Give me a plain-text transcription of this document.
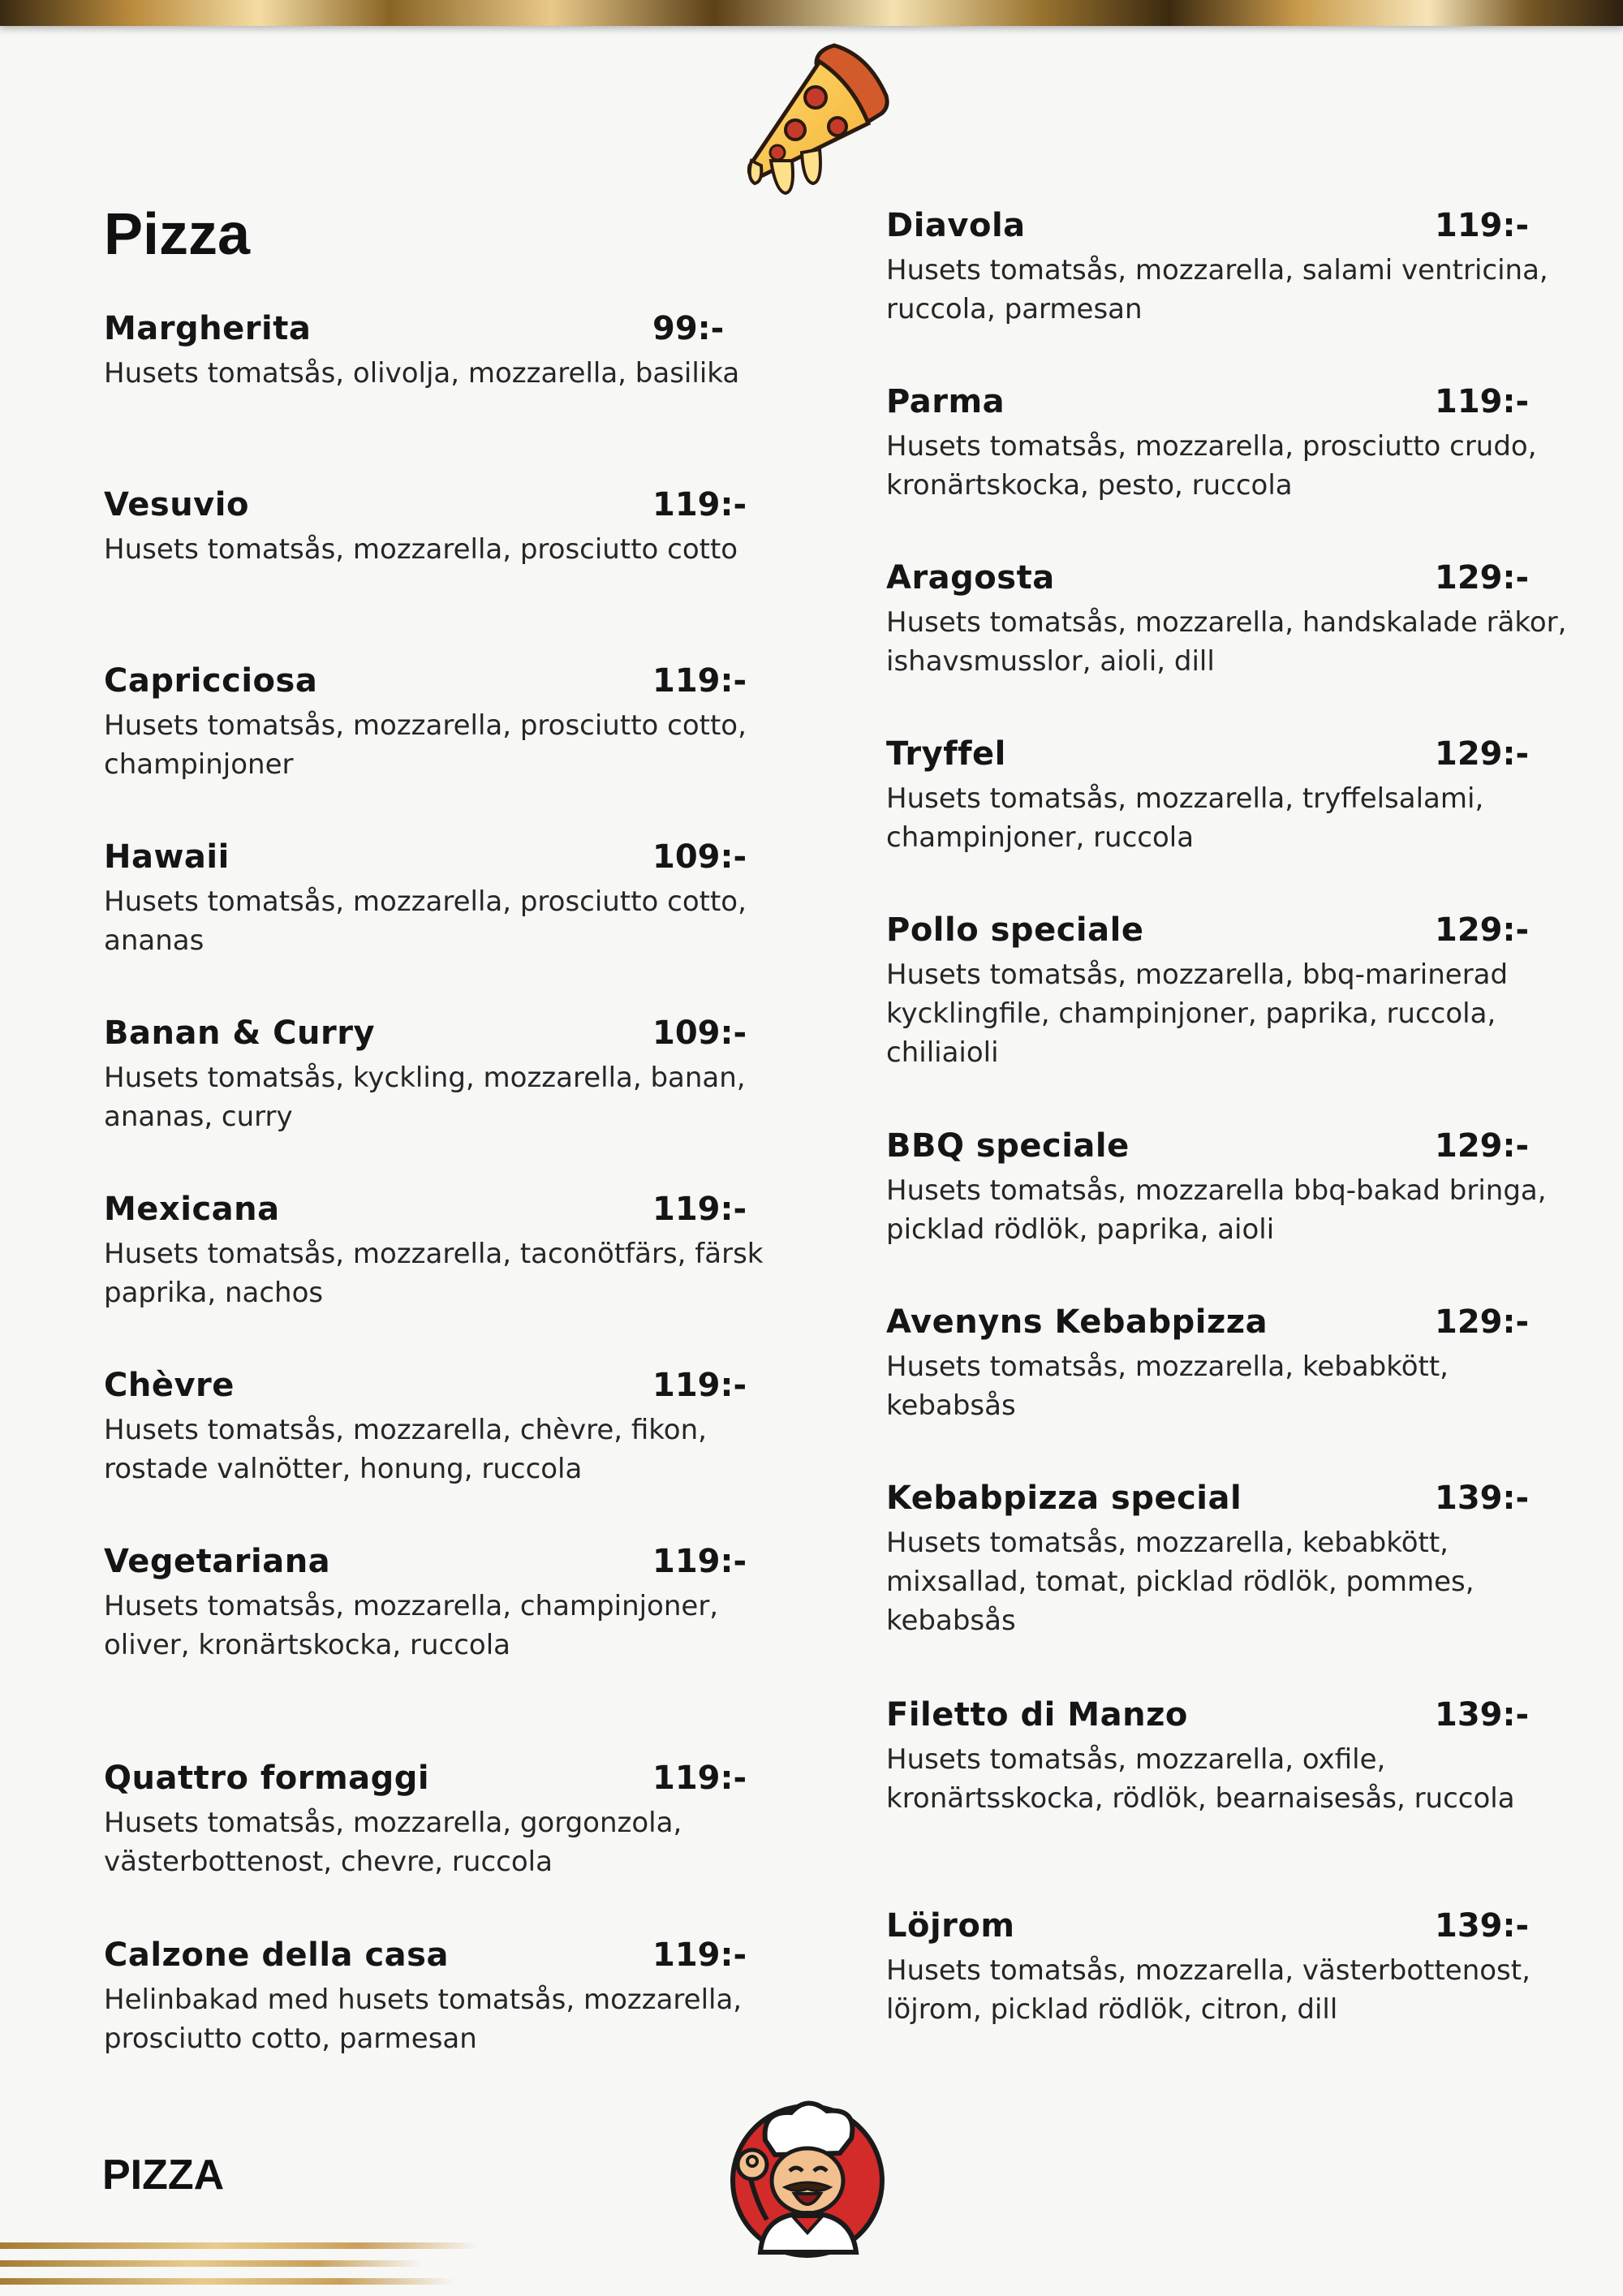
Pizza
Margherita	99:-
Husets tomatsås, olivolja, mozzarella, basilika
Vesuvio	119:-
Husets tomatsås, mozzarella, prosciutto cotto
Capricciosa	119:-
Husets tomatsås, mozzarella, prosciutto cotto, champinjoner
Hawaii	109:-
Husets tomatsås, mozzarella, prosciutto cotto, ananas
Banan & Curry	109:-
Husets tomatsås, kyckling, mozzarella, banan, ananas, curry
Mexicana	119:-
Husets tomatsås, mozzarella, taconötfärs, färsk paprika, nachos
Chèvre	119:-
Husets tomatsås, mozzarella, chèvre, fikon, rostade valnötter, honung, ruccola
Vegetariana	119:-
Husets tomatsås, mozzarella, champinjoner, oliver, kronärtskocka, ruccola
Quattro formaggi	119:-
Husets tomatsås, mozzarella, gorgonzola, västerbottenost, chevre, ruccola
Calzone della casa	119:-
Helinbakad med husets tomatsås, mozzarella, prosciutto cotto, parmesan
Diavola	119:-
Husets tomatsås, mozzarella, salami ventricina, ruccola, parmesan
Parma	119:-
Husets tomatsås, mozzarella, prosciutto crudo, kronärtskocka, pesto, ruccola
Aragosta	129:-
Husets tomatsås, mozzarella, handskalade räkor, ishavsmusslor, aioli, dill
Tryffel	129:-
Husets tomatsås, mozzarella, tryffelsalami, champinjoner, ruccola
Pollo speciale	129:-
Husets tomatsås, mozzarella, bbq-marinerad kycklingfile, champinjoner, paprika, ruccola, chiliaioli
BBQ speciale	129:-
Husets tomatsås, mozzarella bbq-bakad bringa, picklad rödlök, paprika, aioli
Avenyns Kebabpizza	129:-
Husets tomatsås, mozzarella, kebabkött, kebabsås
Kebabpizza special	139:-
Husets tomatsås, mozzarella, kebabkött, mixsallad, tomat, picklad rödlök, pommes, kebabsås
Filetto di Manzo	139:-
Husets tomatsås, mozzarella, oxfile, kronärtsskocka, rödlök, bearnaisesås, ruccola
Löjrom	139:-
Husets tomatsås, mozzarella, västerbottenost, löjrom, picklad rödlök, citron, dill
PIZZA
